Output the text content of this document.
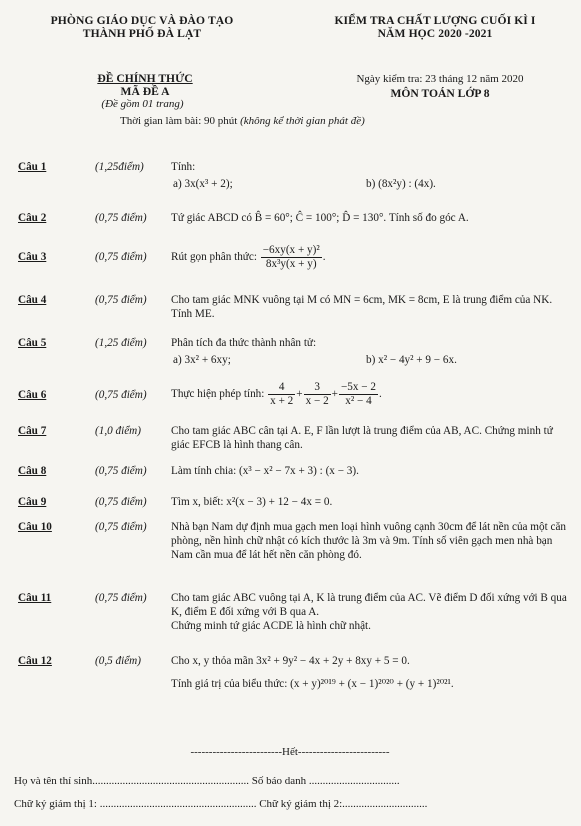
PHÒNG GIÁO DỤC VÀ ĐÀO TẠO
THÀNH PHỐ ĐÀ LẠT
KIỂM TRA CHẤT LƯỢNG CUỐI KÌ I
NĂM HỌC 2020 -2021
ĐỀ CHÍNH THỨC
MÃ ĐỀ A
(Đề gồm 01 trang)
Ngày kiểm tra: 23 tháng 12 năm 2020
MÔN TOÁN LỚP 8
Thời gian làm bài: 90 phút (không kể thời gian phát đề)
Câu 1	(1,25điểm)	Tính:
a) 3x(x³ + 2);	b) (8x²y) : (4x).
Câu 2	(0,75 điểm)	Tứ giác ABCD có B̂ = 60°; Ĉ = 100°; D̂ = 130°. Tính số đo góc A.
Câu 3	(0,75 điểm)	Rút gọn phân thức: $\frac{\text{−6xy(x + y)²}}{\text{8x³y(x + y)}}$ .
Câu 4	(0,75 điểm)	Cho tam giác MNK vuông tại M có MN = 6cm, MK = 8cm, E là trung điểm của NK. Tính ME.
Câu 5	(1,25 điểm)	Phân tích đa thức thành nhân tử:
a) 3x² + 6xy;	b) x² − 4y² + 9 − 6x.
Câu 6	(0,75 điểm)	Thực hiện phép tính: $\frac{4}{x + 2} + \frac{3}{x - 2} + \frac{-5x - 2}{\text{x² − 4}}$ .
Câu 7	(1,0 điểm)	Cho tam giác ABC cân tại A. E, F lần lượt là trung điểm của AB, AC. Chứng minh tứ giác EFCB là hình thang cân.
Câu 8	(0,75 điểm)	Làm tính chia: (x³ − x² − 7x + 3) : (x − 3).
Câu 9	(0,75 điểm)	Tìm x, biết: x²(x − 3) + 12 − 4x = 0.
Câu 10	(0,75 điểm)	Nhà bạn Nam dự định mua gạch men loại hình vuông cạnh 30cm để lát nền của một căn phòng, nền hình chữ nhật có kích thước là 3m và 9m. Tính số viên gạch men nhà bạn Nam cần mua để lát hết nền căn phòng đó.
Câu 11	(0,75 điểm)	Cho tam giác ABC vuông tại A, K là trung điểm của AC. Vẽ điểm D đối xứng với B qua K, điểm E đối xứng với B qua A.
Chứng minh tứ giác ACDE là hình chữ nhật.
Câu 12	(0,5 điểm)	Cho x, y thỏa mãn 3x² + 9y² − 4x + 2y + 8xy + 5 = 0.
Tính giá trị của biểu thức: (x + y)²⁰¹⁹ + (x − 1)²⁰²⁰ + (y + 1)²⁰²¹.
-------------------------Hết-------------------------
Họ và tên thí sinh......................................................... Số báo danh .................................
Chữ ký giám thị 1: ......................................................... Chữ ký giám thị 2:...............................
